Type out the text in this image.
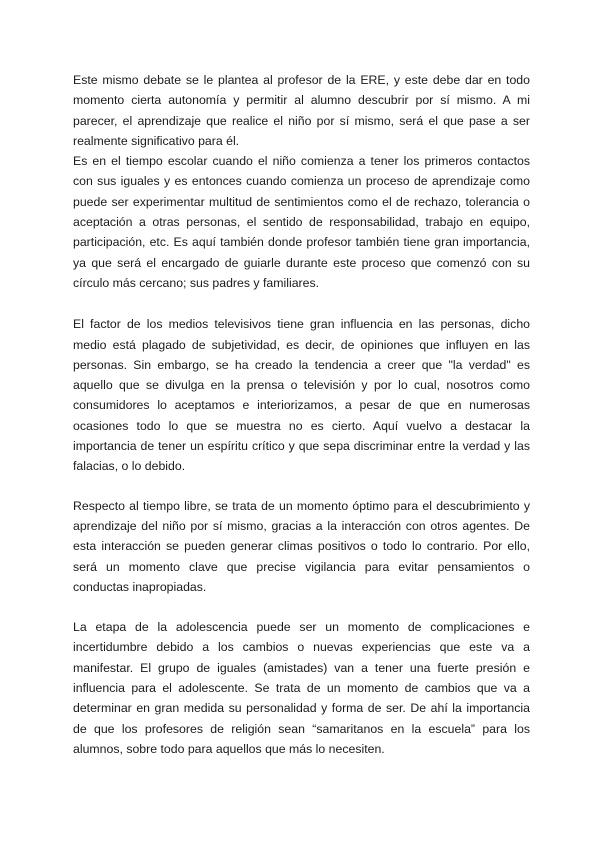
Este mismo debate se le plantea al profesor de la ERE, y este debe dar en todo momento cierta autonomía y permitir al alumno descubrir por sí mismo. A mi parecer, el aprendizaje que realice el niño por sí mismo, será el que pase a ser realmente significativo para él.

Es en el tiempo escolar cuando el niño comienza a tener los primeros contactos con sus iguales y es entonces cuando comienza un proceso de aprendizaje como puede ser experimentar multitud de sentimientos como el de rechazo, tolerancia o aceptación a otras personas, el sentido de responsabilidad, trabajo en equipo, participación, etc. Es aquí también donde profesor también tiene gran importancia, ya que será el encargado de guiarle durante este proceso que comenzó con su círculo más cercano; sus padres y familiares.

El factor de los medios televisivos tiene gran influencia en las personas, dicho medio está plagado de subjetividad, es decir, de opiniones que influyen en las personas. Sin embargo, se ha creado la tendencia a creer que "la verdad" es aquello que se divulga en la prensa o televisión y por lo cual, nosotros como consumidores lo aceptamos e interiorizamos, a pesar de que en numerosas ocasiones todo lo que se muestra no es cierto. Aquí vuelvo a destacar la importancia de tener un espíritu crítico y que sepa discriminar entre la verdad y las falacias, o lo debido.

Respecto al tiempo libre, se trata de un momento óptimo para el descubrimiento y aprendizaje del niño por sí mismo, gracias a la interacción con otros agentes. De esta interacción se pueden generar climas positivos o todo lo contrario. Por ello, será un momento clave que precise vigilancia para evitar pensamientos o conductas inapropiadas.

La etapa de la adolescencia puede ser un momento de complicaciones e incertidumbre debido a los cambios o nuevas experiencias que este va a manifestar. El grupo de iguales (amistades) van a tener una fuerte presión e influencia para el adolescente. Se trata de un momento de cambios que va a determinar en gran medida su personalidad y forma de ser. De ahí la importancia de que los profesores de religión sean “samaritanos en la escuela” para los alumnos, sobre todo para aquellos que más lo necesiten.
